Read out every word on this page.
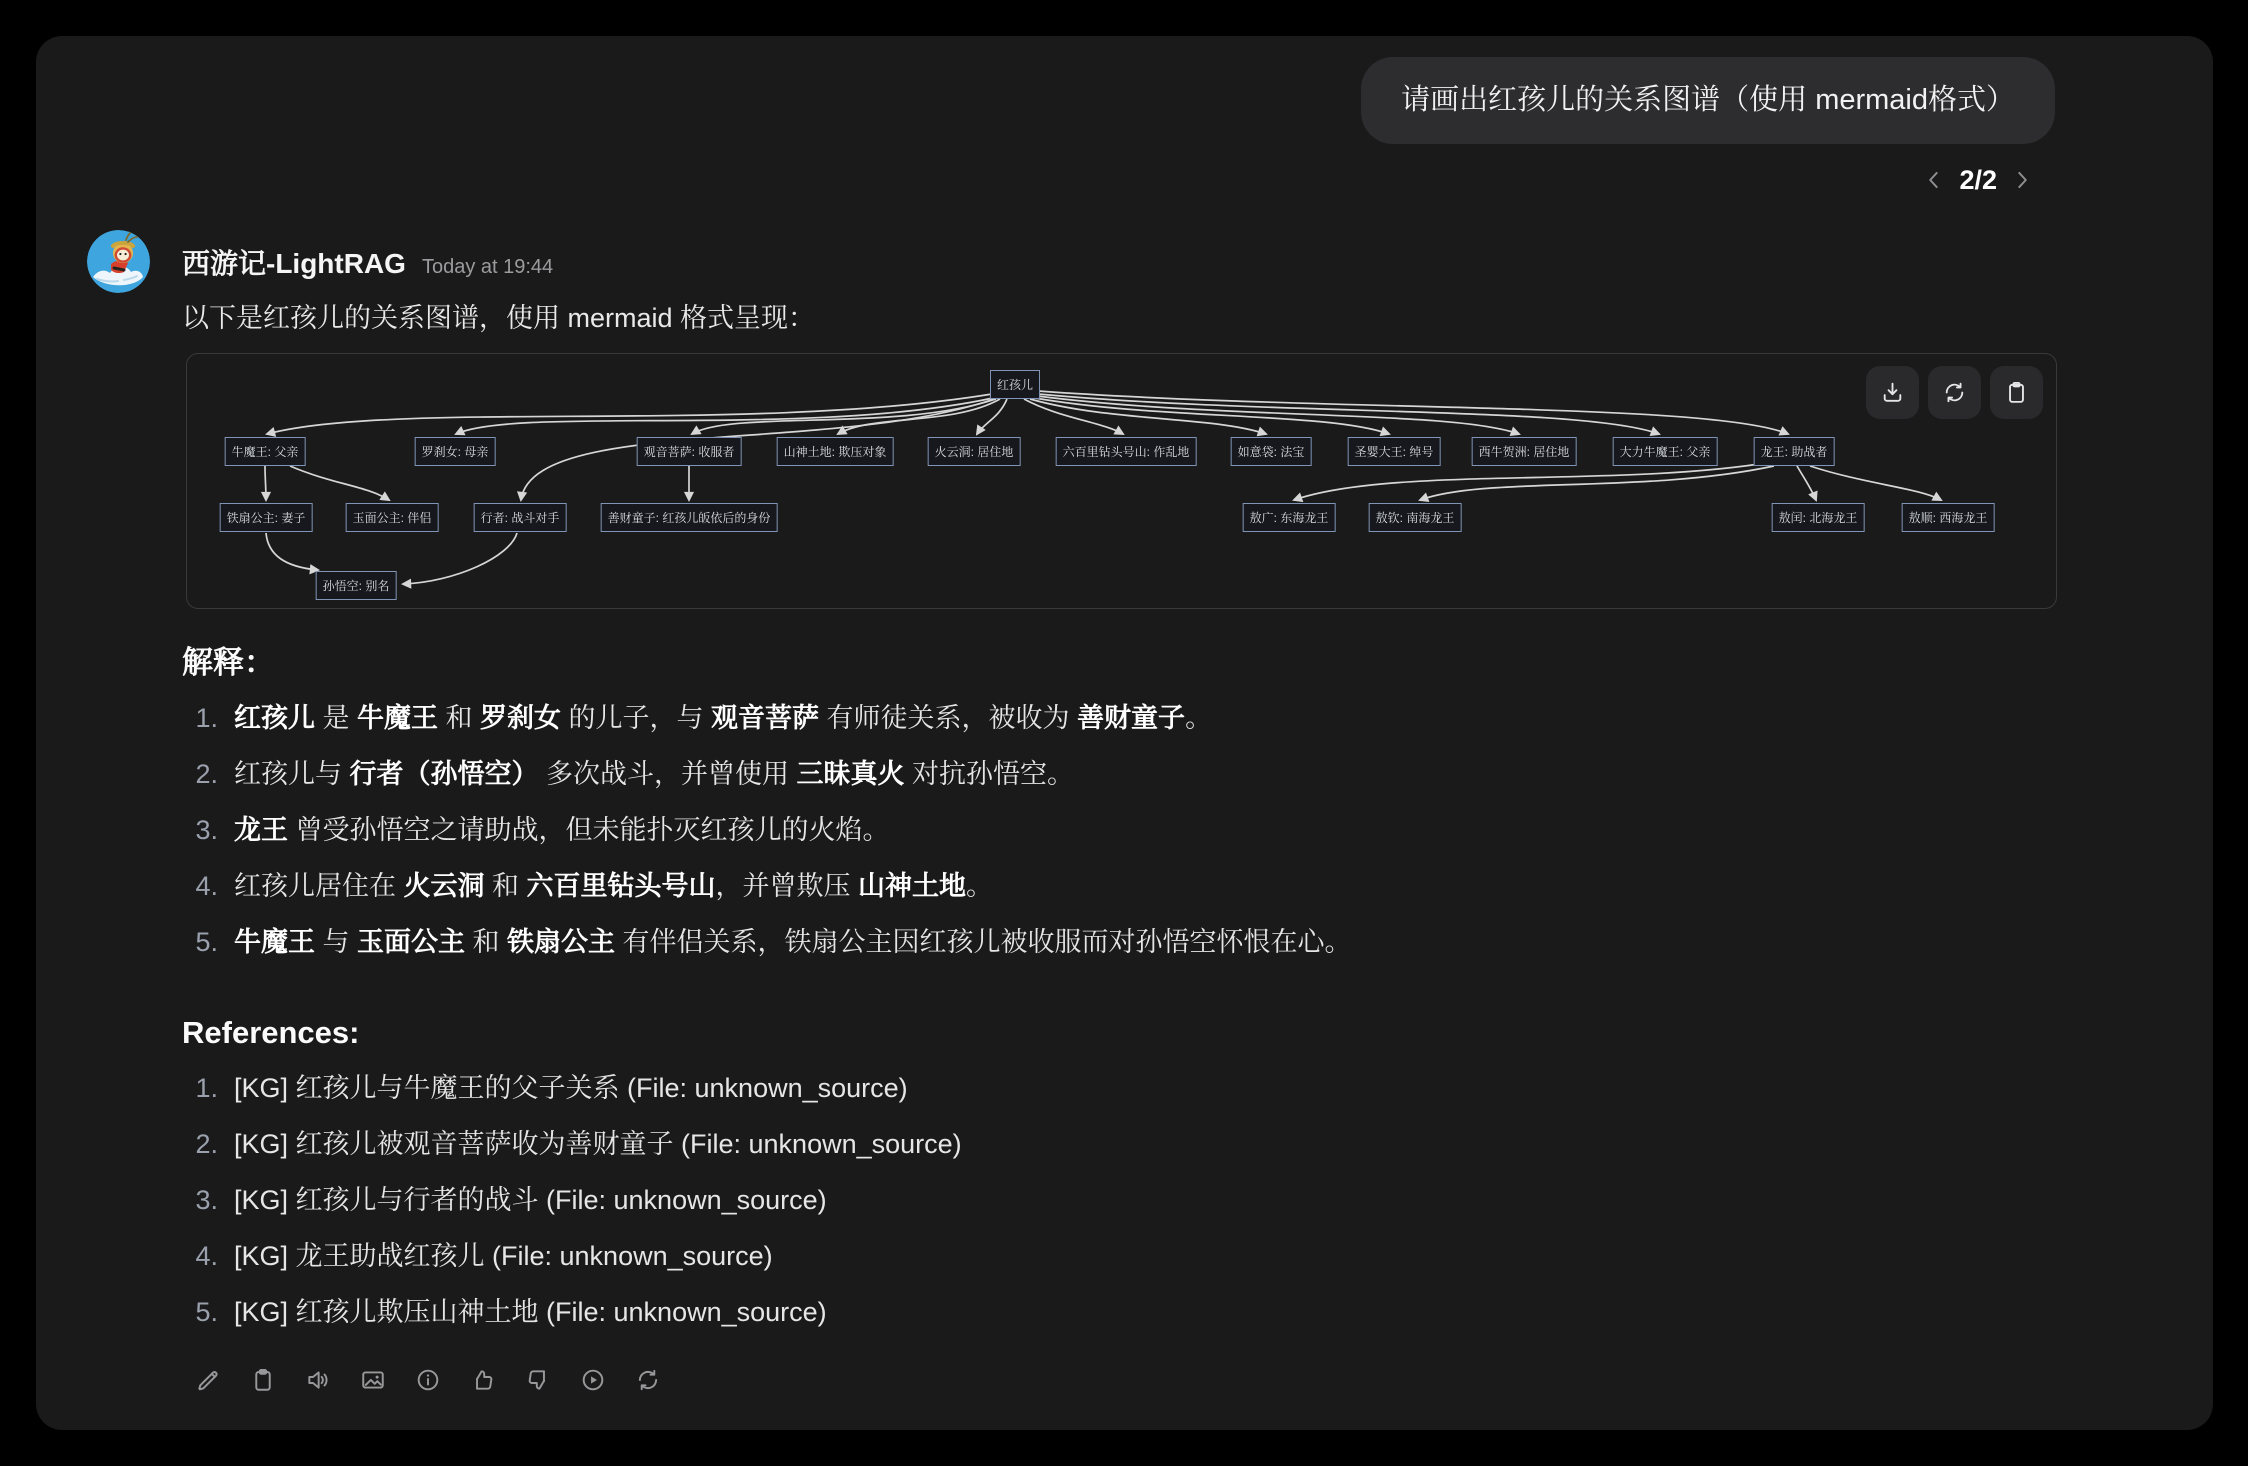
请画出红孩儿的关系图谱（使用 mermaid格式）
2/2
西游记-LightRAG Today at 19:44
以下是红孩儿的关系图谱，使用 mermaid 格式呈现：
红孩儿
牛魔王: 父亲	罗刹女: 母亲	观音菩萨: 收服者	山神土地: 欺压对象	火云洞: 居住地	六百里钻头号山: 作乱地	如意袋: 法宝	圣婴大王: 绰号	西牛贺洲: 居住地	大力牛魔王: 父亲	龙王: 助战者
铁扇公主: 妻子	玉面公主: 伴侣	行者: 战斗对手	善财童子: 红孩儿皈依后的身份	敖广: 东海龙王	敖钦: 南海龙王	敖闰: 北海龙王	敖顺: 西海龙王
孙悟空: 别名
解释：
1. 红孩儿 是 牛魔王 和 罗刹女 的儿子，与 观音菩萨 有师徒关系，被收为 善财童子。
2. 红孩儿与 行者（孙悟空） 多次战斗，并曾使用 三昧真火 对抗孙悟空。
3. 龙王 曾受孙悟空之请助战，但未能扑灭红孩儿的火焰。
4. 红孩儿居住在 火云洞 和 六百里钻头号山，并曾欺压 山神土地。
5. 牛魔王 与 玉面公主 和 铁扇公主 有伴侣关系，铁扇公主因红孩儿被收服而对孙悟空怀恨在心。
References:
1. [KG] 红孩儿与牛魔王的父子关系 (File: unknown_source)
2. [KG] 红孩儿被观音菩萨收为善财童子 (File: unknown_source)
3. [KG] 红孩儿与行者的战斗 (File: unknown_source)
4. [KG] 龙王助战红孩儿 (File: unknown_source)
5. [KG] 红孩儿欺压山神土地 (File: unknown_source)
